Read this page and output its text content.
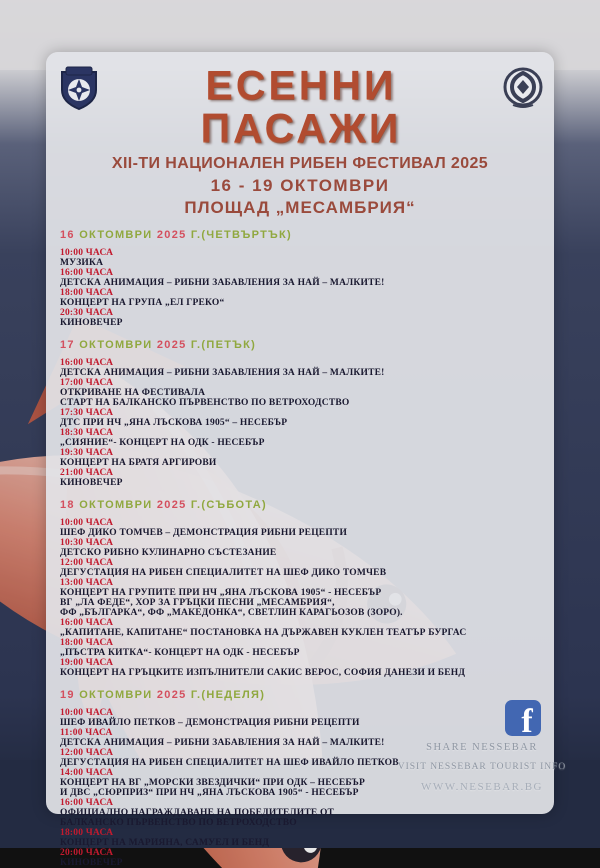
ЕСЕННИ ПАСАЖИ
XII-ТИ НАЦИОНАЛЕН РИБЕН ФЕСТИВАЛ 2025
16 - 19 ОКТОМВРИ
ПЛОЩАД „МЕСАМБРИЯ“
16 ОКТОМВРИ 2025 Г.(ЧЕТВЪРТЪК)
10:00 ЧАСА
МУЗИКА
16:00 ЧАСА
ДЕТСКА АНИМАЦИЯ – РИБНИ ЗАБАВЛЕНИЯ ЗА НАЙ – МАЛКИТЕ!
18:00 ЧАСА
КОНЦЕРТ НА ГРУПА „ЕЛ ГРЕКО“
20:30 ЧАСА
КИНОВЕЧЕР
17 ОКТОМВРИ 2025 Г.(ПЕТЪК)
16:00 ЧАСА
ДЕТСКА АНИМАЦИЯ – РИБНИ ЗАБАВЛЕНИЯ ЗА НАЙ – МАЛКИТЕ!
17:00 ЧАСА
ОТКРИВАНЕ НА ФЕСТИВАЛА
СТАРТ НА БАЛКАНСКО ПЪРВЕНСТВО ПО ВЕТРОХОДСТВО
17:30 ЧАСА
ДТС ПРИ НЧ „ЯНА ЛЪСКОВА 1905“ – НЕСЕБЪР
18:30 ЧАСА
„СИЯНИЕ“- КОНЦЕРТ НА ОДК - НЕСЕБЪР
19:30 ЧАСА
КОНЦЕРТ НА БРАТЯ АРГИРОВИ
21:00 ЧАСА
КИНОВЕЧЕР
18 ОКТОМВРИ 2025 Г.(СЪБОТА)
10:00 ЧАСА
ШЕФ ДИКО ТОМЧЕВ – ДЕМОНСТРАЦИЯ РИБНИ РЕЦЕПТИ
10:30 ЧАСА
ДЕТСКО РИБНО КУЛИНАРНО СЪСТЕЗАНИЕ
12:00 ЧАСА
ДЕГУСТАЦИЯ НА РИБЕН СПЕЦИАЛИТЕТ НА ШЕФ ДИКО ТОМЧЕВ
13:00 ЧАСА
КОНЦЕРТ НА ГРУПИТЕ ПРИ НЧ „ЯНА ЛЪСКОВА 1905“ - НЕСЕБЪР
ВГ „ЛА ФЕДЕ“, ХОР ЗА ГРЪЦКИ ПЕСНИ „МЕСАМБРИЯ“,
ФФ „БЪЛГАРКА“, ФФ „МАКЕДОНКА“, СВЕТЛИН КАРАГЬОЗОВ (ЗОРО).
16:00 ЧАСА
„КАПИТАНЕ, КАПИТАНЕ“ ПОСТАНОВКА НА ДЪРЖАВЕН КУКЛЕН ТЕАТЪР БУРГАС
18:00 ЧАСА
„ПЪСТРА КИТКА“- КОНЦЕРТ НА ОДК - НЕСЕБЪР
19:00 ЧАСА
КОНЦЕРТ НА ГРЪЦКИТЕ ИЗПЪЛНИТЕЛИ САКИС ВЕРОС, СОФИЯ ДАНЕЗИ И БЕНД
19 ОКТОМВРИ 2025 Г.(НЕДЕЛЯ)
10:00 ЧАСА
ШЕФ ИВАЙЛО ПЕТКОВ – ДЕМОНСТРАЦИЯ РИБНИ РЕЦЕПТИ
11:00 ЧАСА
ДЕТСКА АНИМАЦИЯ – РИБНИ ЗАБАВЛЕНИЯ ЗА НАЙ – МАЛКИТЕ!
12:00 ЧАСА
ДЕГУСТАЦИЯ НА РИБЕН СПЕЦИАЛИТЕТ НА ШЕФ ИВАЙЛО ПЕТКОВ
14:00 ЧАСА
КОНЦЕРТ НА ВГ „МОРСКИ ЗВЕЗДИЧКИ“ ПРИ ОДК – НЕСЕБЪР
И ДВС „СЮРПРИЗ“ ПРИ НЧ „ЯНА ЛЪСКОВА 1905“ - НЕСЕБЪР
16:00 ЧАСА
ОФИЦИАЛНО НАГРАЖДАВАНЕ НА ПОБЕДИТЕЛИТЕ ОТ
БАЛКАНСКО ПЪРВЕНСТВО ПО ВЕТРОХОДСТВО
18:00 ЧАСА
КОНЦЕРТ НА МАРИЯНА, САМУЕЛ И БЕНД
20:00 ЧАСА
КИНОВЕЧЕР
f
SHARE NESSEBAR
VISIT NESSEBAR TOURIST INFO
WWW.NESEBAR.BG
